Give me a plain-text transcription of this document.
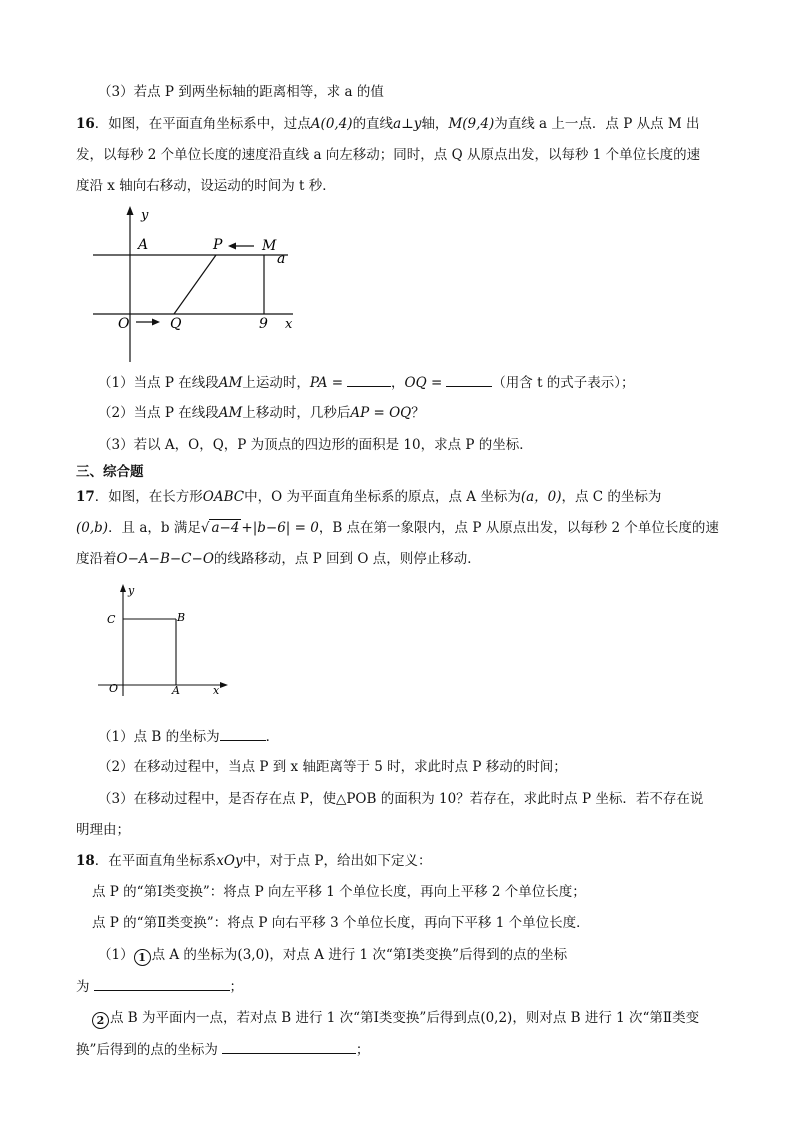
（3）若点 P 到两坐标轴的距离相等，求 a 的值
16．如图，在平面直角坐标系中，过点A(0,4)的直线a⊥y轴，M(9,4)为直线 a 上一点．点 P 从点 M 出
发，以每秒 2 个单位长度的速度沿直线 a 向左移动；同时，点 Q 从原点出发，以每秒 1 个单位长度的速
度沿 x 轴向右移动，设运动的时间为 t 秒．
y
x
A	P	M
a
O	Q	9
（1）当点 P 在线段AM上运动时，PA =	，OQ =	（用含 t 的式子表示）；
（2）当点 P 在线段AM上移动时，几秒后AP = OQ？
（3）若以 A，O，Q，P 为顶点的四边形的面积是 10，求点 P 的坐标．
三、综合题
17．如图，在长方形OABC中，O 为平面直角坐标系的原点，点 A 坐标为(a，0)，点 C 的坐标为
(0,b)．且 a，b 满足√ a−4 +|b−6| = 0，B 点在第一象限内，点 P 从原点出发，以每秒 2 个单位长度的速
度沿着O−A−B−C−O的线路移动，点 P 回到 O 点，则停止移动．
y
x
C	B
O	A
（1）点 B 的坐标为	．
（2）在移动过程中，当点 P 到 x 轴距离等于 5 时，求此时点 P 移动的时间；
（3）在移动过程中，是否存在点 P，使△POB 的面积为 10？若存在，求此时点 P 坐标．若不存在说
明理由；
18．在平面直角坐标系xOy中，对于点 P，给出如下定义：
点 P 的“第Ⅰ类变换”：将点 P 向左平移 1 个单位长度，再向上平移 2 个单位长度；
点 P 的“第Ⅱ类变换”：将点 P 向右平移 3 个单位长度，再向下平移 1 个单位长度．
（1） 1 点 A 的坐标为(3,0)，对点 A 进行 1 次“第Ⅰ类变换”后得到的点的坐标
为	；
2 点 B 为平面内一点，若对点 B 进行 1 次“第Ⅰ类变换”后得到点(0,2)，则对点 B 进行 1 次“第Ⅱ类变
换”后得到的点的坐标为	；
